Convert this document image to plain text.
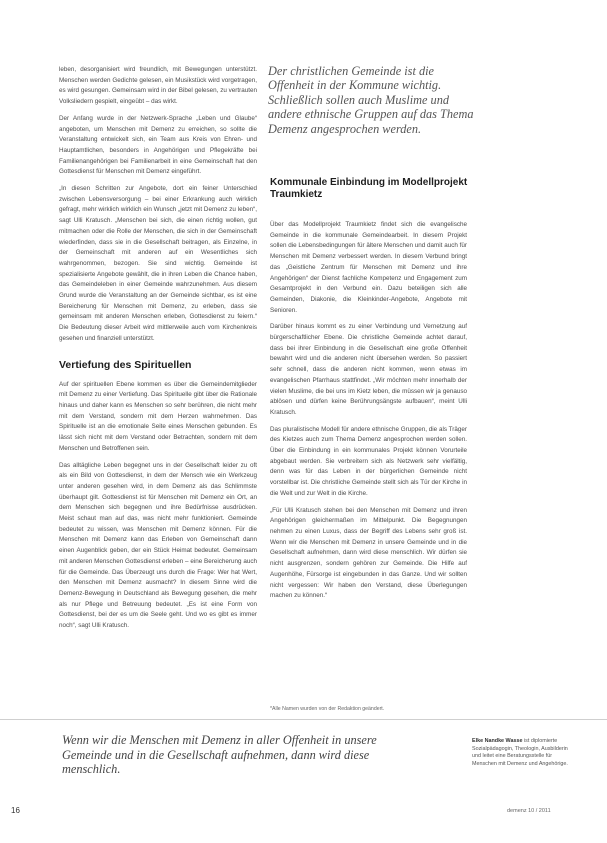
Der christlichen Gemeinde ist die Offenheit in der Kommune wichtig. Schließlich sollen auch Muslime und andere ethnische Gruppen auf das Thema Demenz angesprochen werden.

leben, desorganisiert wird freundlich, mit Bewegungen unterstützt. Menschen werden Gedichte gelesen, ein Musikstück wird vorgetragen, es wird gesungen. Gemeinsam wird in der Bibel gelesen, zu vertrauten Volksliedern gespielt, eingeübt – das wirkt.

Der Anfang wurde in der Netzwerk-Sprache „Leben und Glaube“ angeboten, um Menschen mit Demenz zu erreichen, so sollte die Veranstaltung entwickelt sich, ein Team aus Kreis von Ehren- und Hauptamtlichen, besonders in Angehörigen und Pflegekräfte bei Familienangehörigen bei Familienarbeit in eine Gemeinschaft hat den Gottesdienst für Menschen mit Demenz eingeführt.

„In diesen Schritten zur Angebote, dort ein feiner Unterschied zwischen Lebensversorgung – bei einer Erkrankung auch wirklich gefragt, mehr wirklich wirklich ein Wunsch „jetzt mit Demenz zu leben“, sagt Ulli Kratusch. „Menschen bei sich, die einen richtig wollen, gut mitmachen oder die Rolle der Menschen, die sich in der Gemeinschaft wiederfinden, dass sie in die Gesellschaft beitragen, als Einzelne, in der Gemeinschaft mit anderen auf ein Wesentliches sich wahrgenommen, bezogen. Sie sind wichtig. Gemeinde ist spezialisierte Angebote gewählt, die in ihren Leben die Chance haben, das Gemeindeleben in einer Gemeinde wahrzunehmen. Aus diesem Grund wurde die Veranstaltung an der Gemeinde sichtbar, es ist eine Bereicherung für Menschen mit Demenz, zu erleben, dass sie gemeinsam mit anderen Menschen erleben, Gottesdienst zu feiern.“ Die Bedeutung dieser Arbeit wird mittlerweile auch vom Kirchenkreis gesehen und finanziell unterstützt.

Vertiefung des Spirituellen

Auf der spirituellen Ebene kommen es über die Gemeindemitglieder mit Demenz zu einer Vertiefung. Das Spirituelle gibt über die Rationale hinaus und daher kann es Menschen so sehr berühren, die nicht mehr mit dem Verstand, sondern mit dem Herzen wahrnehmen. Das Spirituelle ist an die emotionale Seite eines Menschen gebunden. Es lässt sich nicht mit dem Verstand oder Betrachten, sondern mit dem Menschen und Betroffenen sein.

Das alltägliche Leben begegnet uns in der Gesellschaft leider zu oft als ein Bild von Gottesdienst, in dem der Mensch wie ein Werkzeug unter anderen gesehen wird, in dem Demenz als das Schlimmste überhaupt gilt. Gottesdienst ist für Menschen mit Demenz ein Ort, an dem Menschen sich begegnen und ihre Bedürfnisse ausdrücken. Meist schaut man auf das, was nicht mehr funktioniert. Gemeinde bedeutet zu wissen, was Menschen mit Demenz können. Für die Menschen mit Demenz kann das Erleben von Gemeinschaft dann einen Augenblick geben, der ein Stück Heimat bedeutet. Gemeinsam mit anderen Menschen Gottesdienst erleben – eine Bereicherung auch für die Gemeinde. Das Überzeugt uns durch die Frage: Wer hat Wert, den Menschen mit Demenz ausmacht? In diesem Sinne wird die Demenz-Bewegung in Deutschland als Bewegung gesehen, die mehr als nur Pflege und Betreuung bedeutet. „Es ist eine Form von Gottesdienst, bei der es um die Seele geht. Und wo es gibt es immer noch“, sagt Ulli Kratusch.

Kommunale Einbindung im Modellprojekt Traumkietz

Über das Modellprojekt Traumkietz findet sich die evangelische Gemeinde in die kommunale Gemeindearbeit. In diesem Projekt sollen die Lebensbedingungen für ältere Menschen und damit auch für Menschen mit Demenz verbessert werden. In diesem Verbund bringt das „Geistliche Zentrum für Menschen mit Demenz und ihre Angehörigen“ der Dienst fachliche Kompetenz und Engagement zum Gesamtprojekt in den Verbund ein. Dazu beteiligen sich alle Gemeinden, Diakonie, die Kleinkinder-Angebote, Angebote mit Senioren.

Darüber hinaus kommt es zu einer Verbindung und Vernetzung auf bürgerschaftlicher Ebene. Die christliche Gemeinde achtet darauf, dass bei ihrer Einbindung in die Gesellschaft eine große Offenheit bewahrt wird und die anderen nicht übersehen werden. So passiert sehr schnell, dass die anderen nicht kommen, wenn etwas im evangelischen Pfarrhaus stattfindet. „Wir möchten mehr innerhalb der vielen Muslime, die bei uns im Kietz leben, die müssen wir ja genauso ablösen und dürfen keine Berührungsängste aufbauen“, meint Ulli Kratusch.

Das pluralistische Modell für andere ethnische Gruppen, die als Träger des Kietzes auch zum Thema Demenz angesprochen werden sollen. Über die Einbindung in ein kommunales Projekt können Vorurteile abgebaut werden. Sie verbreitern sich als Netzwerk sehr vielfältig, denn was für das Leben in der bürgerlichen Gemeinde nicht vorstellbar ist. Die christliche Gemeinde stellt sich als Tür der Kirche in die Welt und zur Welt in die Kirche.

„Für Ulli Kratusch stehen bei den Menschen mit Demenz und ihren Angehörigen gleichermaßen im Mittelpunkt. Die Begegnungen nehmen zu einen Luxus, dass der Begriff des Lebens sehr groß ist. Wenn wir die Menschen mit Demenz in unsere Gemeinde und in die Gesellschaft aufnehmen, dann wird diese menschlich. Wir dürfen sie nicht ausgrenzen, sondern gehören zur Gemeinde. Die Hilfe auf Augenhöhe, Fürsorge ist eingebunden in das Ganze. Und wir sollten nicht vergessen: Wir haben den Verstand, diese Überlegungen machen zu können.“

*Alle Namen wurden von der Redaktion geändert.
Wenn wir die Menschen mit Demenz in aller Offenheit in unsere Gemeinde und in die Gesellschaft aufnehmen, dann wird diese menschlich.
Elke Nandke Wasse ist diplomierte Sozialpädagogin, Theologin, Ausbilderin und leitet eine Beratungsstelle für Menschen mit Demenz und Angehörige.
16	demenz 10 / 2011
